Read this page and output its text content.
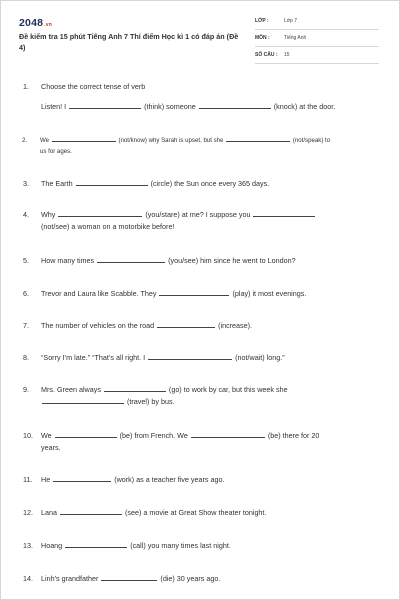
2048.vn
Đề kiểm tra 15 phút Tiếng Anh 7 Thí điểm Học kì 1 có đáp án (Đề 4)
LỚP :	Lớp 7
MÔN :	Tiếng Anh
SỐ CÂU : 15
1. Choose the correct tense of verb
Listen! I	(think) someone	(knock) at the door.
2. We	(not/know) why Sarah is upset, but she	(not/speak) to
us for ages.
3. The Earth	(circle) the Sun once every 365 days.
4. Why	(you/stare) at me? I suppose you
(not/see) a woman on a motorbike before!
5. How many times	(you/see) him since he went to London?
6. Trevor and Laura like Scabble. They	(play) it most evenings.
7. The number of vehicles on the road	(increase).
8. “Sorry I’m late.” “That’s all right. I	(not/wait) long.”
9. Mrs. Green always	(go) to work by car, but this week she
(travel) by bus.
10. We	(be) from French. We	(be) there for 20
years.
11. He	(work) as a teacher five years ago.
12. Lana	(see) a movie at Great Show theater tonight.
13. Hoang	(call) you many times last night.
14. Linh’s grandfather	(die) 30 years ago.
